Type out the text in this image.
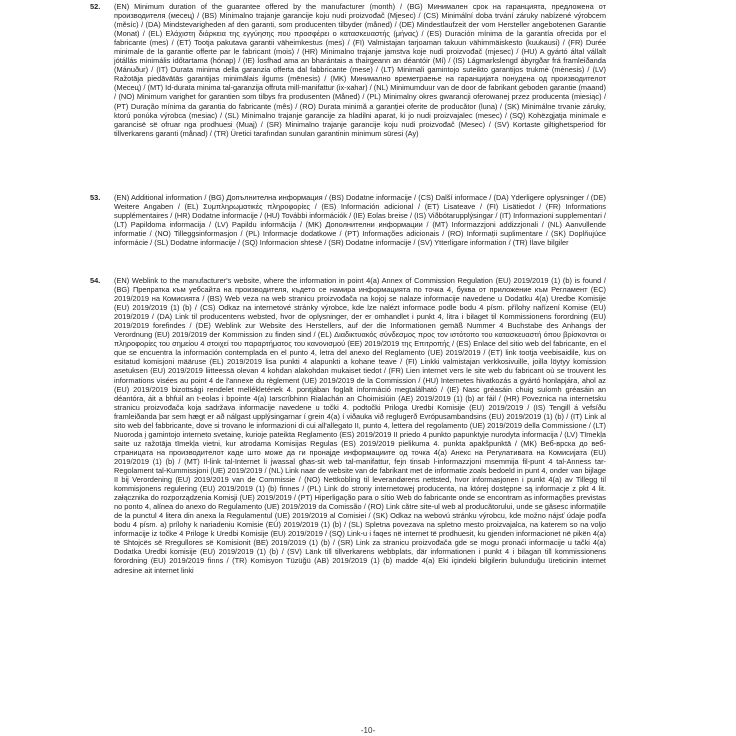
52. (EN) Minimum duration of the guarantee offered by the manufacturer (month) / (BG) Минимален срок на гаранцията, предложена от производителя (месец) / (BS) Minimalno trajanje garancije koju nudi proizvođač (Mjesec) / (CS) Minimální doba trvání záruky nabízené výrobcem (měsíc) / (DA) Mindstevarigheden af den garanti, som producenten tilbyder (måned) / (DE) Mindestlaufzeit der vom Hersteller angebotenen Garantie (Monat) / (EL) Ελάχιστη διάρκεια της εγγύησης που προσφέρει ο κατασκευαστής (μήνας) / (ES) Duración mínima de la garantía ofrecida por el fabricante (mes) / (ET) Tootja pakutava garantii väheimkestus (mes) / (FI) Valmistajan tarjoaman takuun vähimmäiskesto (kuukausi) / (FR) Durée minimale de la garantie offerte par le fabricant (mois) / (HR) Minimalno trajanje jamstva koje nudi proizvođač (mjesec) / (HU) A gyártó által vállalt jótállás minimális időtartama (hónap) / (IE) Íosfhad ama an bharántais a thairgeann an déantóir (Mí) / (IS) Lágmarkslengd ábyrgðar frá framleiðanda (Mánuður) / (IT) Durata minima della garanzia offerta dal fabbricante (mese) / (LT) Minimali gamintojo suteikto garantijos trukmė (mėnesis) / (LV) Ražotāja piedāvātās garantijas minimālais ilgums (mēnesis) / (MK) Минимално времетраење на гаранцијата понудена од производителот (Месец) / (MT) Id-durata minima tal-garanzija offruta mill-manifattur (ix-xahar) / (NL) Minimumduur van de door de fabrikant geboden garantie (maand) / (NO) Minimum varighet for garantien som tilbys fra produsenten (Måned) / (PL) Minimalny okres gwarancji oferowanej przez producenta (miesiąc) / (PT) Duração mínima da garantia do fabricante (mês) / (RO) Durata minimă a garanției oferite de producător (luna) / (SK) Minimálne trvanie záruky, ktorú ponúka výrobca (mesiac) / (SL) Minimalno trajanje garancije za hladilni aparat, ki jo nudi proizvajalec (mesec) / (SQ) Kohëzgjatja minimale e garancisë së ofruar nga prodhuesi (Muaj) / (SR) Minimalno trajanje garancije koju nudi proizvođač (Mesec) / (SV) Kortaste giltighetsperiod för tillverkarens garanti (månad) / (TR) Üretici tarafından sunulan garantinin minimum süresi (Ay)

53. (EN) Additional information / (BG) Допълнителна информация / (BS) Dodatne informacije / (CS) Další informace / (DA) Yderligere oplysninger / (DE) Weitere Angaben / (EL) Συμπληρωματικές πληροφορίες / (ES) Información adicional / (ET) Lisateave / (FI) Lisätiedot / (FR) Informations supplémentaires / (HR) Dodatne informacije / (HU) További információk / (IE) Eolas breise / (IS) Viðbótarupplýsingar / (IT) Informazioni supplementari / (LT) Papildoma informacija / (LV) Papildu informācija / (MK) Дополнителни информации / (MT) Informazzjoni addizzjonali / (NL) Aanvullende informatie / (NO) Tilleggsinformasjon / (PL) Informacje dodatkowe / (PT) Informações adicionais / (RO) Informații suplimentare / (SK) Doplňujúce informácie / (SL) Dodatne informacije / (SQ) Informacion shtesë / (SR) Dodatne informacije / (SV) Ytterligare information / (TR) İlave bilgiler

54. (EN) Weblink to the manufacturer's website, where the information in point 4(a) Annex of Commission Regulation (EU) 2019/2019 (1) (b) is found / (BG) Препратка към уебсайта на производителя, където се намира информацията по точка 4, буква от приложение към Регламент (ЕС) 2019/2019 на Комисията / (BS) Web veza na web stranicu proizvođača na kojoj se nalaze informacije navedene u Dodatku 4(a) Uredbe Komisije (EU) 2019/2019 (1) (b) / (CS) Odkaz na internetové stránky výrobce, kde lze nalézt informace podle bodu 4 písm. přílohy nařízení Komise (EU) 2019/2019 / (DA) Link til producentens websted, hvor de oplysninger, der er omhandlet i punkt 4, litra i bilaget til Kommissionens forordning (EU) 2019/2019 forefindes / (DE) Weblink zur Website des Herstellers, auf der die Informationen gemäß Nummer 4 Buchstabe des Anhangs der Verordnung (EU) 2019/2019 der Kommission zu finden sind / (EL) Διαδικτυακός σύνδεσμος προς τον ιστότοπο του κατασκευαστή όπου βρίσκονται οι πληροφορίες του σημείου 4 στοιχεί του παραρτήματος του κανονισμού (ΕΕ) 2019/2019 της Επιτροπής / (ES) Enlace del sitio web del fabricante, en el que se encuentra la información contemplada en el punto 4, letra del anexo del Reglamento (UE) 2019/2019 / (ET) link tootja veebisaidile, kus on esitatud komisjoni määruse (EL) 2019/2019 lisa punkti 4 alapunkti a kohane teave / (FI) Linkki valmistajan verkkosivuille, joilla löytyy komission asetuksen (EU) 2019/2019 liitteessä olevan 4 kohdan alakohdan mukaiset tiedot / (FR) Lien internet vers le site web du fabricant où se trouvent les informations visées au point 4 de l'annexe du règlement (UE) 2019/2019 de la Commission / (HU) Internetes hivatkozás a gyártó honlapjára, ahol az (EU) 2019/2019 bizottsági rendelet mellékletének 4. pontjában foglalt információ megtalálható / (IE) Nasc gréasáin chuig suíomh gréasáin an déantóra, áit a bhfuil an t-eolas i bpointe 4(a) Iarscríbhinn Rialachán an Choimisiúin (AE) 2019/2019 (1) (b) ar fáil / (HR) Poveznica na internetsku stranicu proizvođača koja sadržava informacije navedene u točki 4. podtočki Priloga Uredbi Komisije (EU) 2019/2019 / (IS) Tengill á vefsíðu framleiðanda þar sem hægt er að nálgast upplýsingarnar í grein 4(a) í viðauka við reglugerð Evrópusambandsins (EU) 2019/2019 (1) (b) / (IT) Link al sito web del fabbricante, dove si trovano le informazioni di cui all'allegato II, punto 4, lettera del regolamento (UE) 2019/2019 della Commissione / (LT) Nuoroda į gamintojo interneto svetainę, kurioje pateikta Reglamento (ES) 2019/2019 II priedo 4 punkto papunktyje nurodyta informacija / (LV) Tīmekļa saite uz ražotāja tīmekļa vietni, kur atrodama Komisijas Regulas (ES) 2019/2019 pielikuma 4. punkta apakšpunktā / (MK) Веб-врска до веб-страницата на производителот каде што може да ги пронајде информациите од точка 4(а) Анекс на Регулативата на Комисијата (EU) 2019/2019 (1) (b) / (MT) Il-link tal-Internet li jwassal għas-sit web tal-manifattur, fejn tinsab l-informazzjoni msemmija fil-punt 4 tal-Anness tar-Regolament tal-Kummissjoni (UE) 2019/2019 / (NL) Link naar de website van de fabrikant met de informatie zoals bedoeld in punt 4, onder van bijlage II bij Verordening (EU) 2019/2019 van de Commissie / (NO) Nettkobling til leverandørens nettsted, hvor informasjonen i punkt 4(a) av Tillegg til kommisjonens regulering (EU) 2019/2019 (1) (b) finnes / (PL) Link do strony internetowej producenta, na której dostępne są informacje z pkt 4 lit. załącznika do rozporządzenia Komisji (UE) 2019/2019 / (PT) Hiperligação para o sítio Web do fabricante onde se encontram as informações previstas no ponto 4, alínea do anexo do Regulamento (UE) 2019/2019 da Comissão / (RO) Link către site-ul web al producătorului, unde se găsesc informațiile de la punctul 4 litera din anexa la Regulamentul (UE) 2019/2019 al Comisiei / (SK) Odkaz na webovú stránku výrobcu, kde možno nájsť údaje podľa bodu 4 písm. a) prílohy k nariadeniu Komisie (EÚ) 2019/2019 (1) (b) / (SL) Spletna povezava na spletno mesto proizvajalca, na katerem so na voljo informacije iz točke 4 Priloge k Uredbi Komisije (EU) 2019/2019 / (SQ) Link-u i faqes në internet të prodhuesit, ku gjenden informacionet në pikën 4(a) të Shtojcës së Rregullores së Komisionit (BE) 2019/2019 (1) (b) / (SR) Link za stranicu proizvođača gde se mogu pronaći informacije u tački 4(a) Dodatka Uredbi komisije (EU) 2019/2019 (1) (b) / (SV) Länk till tillverkarens webbplats, där informationen i punkt 4 i bilagan till kommissionens förordning (EU) 2019/2019 finns / (TR) Komisyon Tüzüğü (AB) 2019/2019 (1) (b) madde 4(a) Eki içindeki bilgilerin bulunduğu üreticinin internet adresine ait internet linki

-10-
